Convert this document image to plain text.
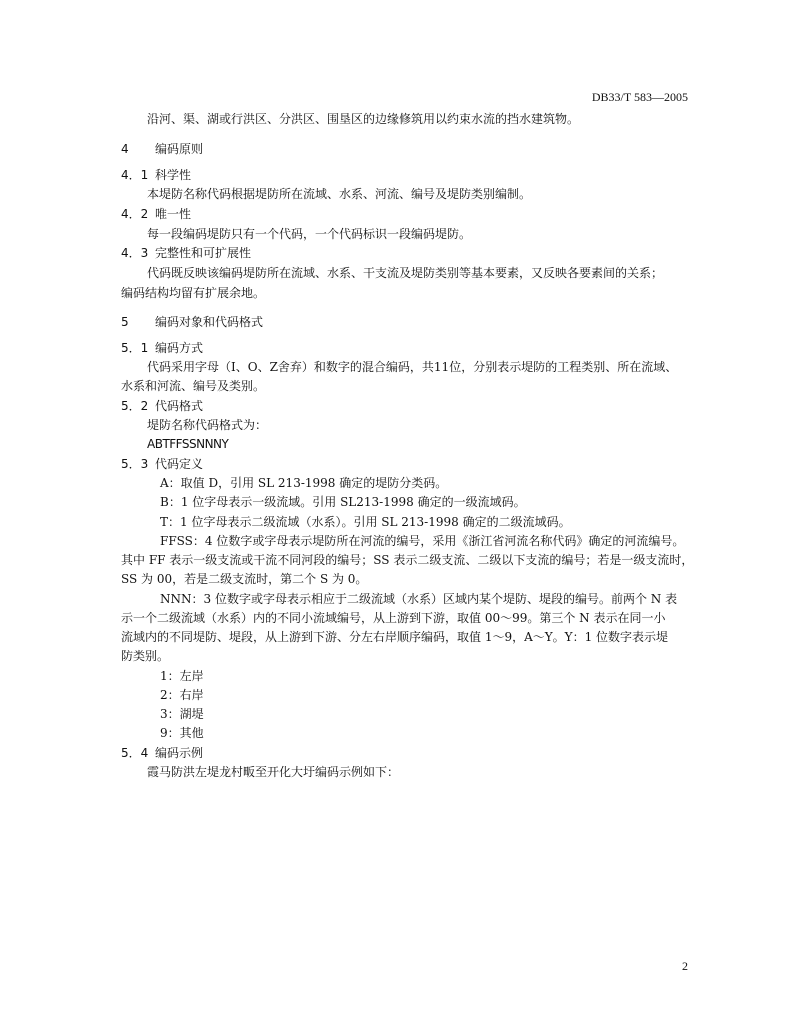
DB33/T 583—2005
沿河、渠、湖或行洪区、分洪区、围垦区的边缘修筑用以约束水流的挡水建筑物。
4 编码原则
4．1 科学性
本堤防名称代码根据堤防所在流域、水系、河流、编号及堤防类别编制。
4．2 唯一性
每一段编码堤防只有一个代码，一个代码标识一段编码堤防。
4．3 完整性和可扩展性
代码既反映该编码堤防所在流域、水系、干支流及堤防类别等基本要素，又反映各要素间的关系；
编码结构均留有扩展余地。
5 编码对象和代码格式
5．1 编码方式
代码采用字母（I、O、Z舍弃）和数字的混合编码，共11位，分别表示堤防的工程类别、所在流域、
水系和河流、编号及类别。
5．2 代码格式
堤防名称代码格式为：
ABTFFSSNNNY
5．3 代码定义
A：取值 D，引用 SL 213-1998 确定的堤防分类码。
B：1 位字母表示一级流域。引用 SL213-1998 确定的一级流域码。
T：1 位字母表示二级流域（水系）。引用 SL 213-1998 确定的二级流域码。
FFSS：4 位数字或字母表示堤防所在河流的编号，采用《浙江省河流名称代码》确定的河流编号。
其中 FF 表示一级支流或干流不同河段的编号；SS 表示二级支流、二级以下支流的编号；若是一级支流时，
SS 为 00，若是二级支流时，第二个 S 为 0。
NNN：3 位数字或字母表示相应于二级流域（水系）区域内某个堤防、堤段的编号。前两个 N 表
示一个二级流域（水系）内的不同小流域编号，从上游到下游，取值 00～99。第三个 N 表示在同一小
流域内的不同堤防、堤段，从上游到下游、分左右岸顺序编码，取值 1～9，A～Y。Y：1 位数字表示堤
防类别。
1：左岸
2：右岸
3：湖堤
9：其他
5．4 编码示例
霞马防洪左堤龙村畈至开化大圩编码示例如下：
2
